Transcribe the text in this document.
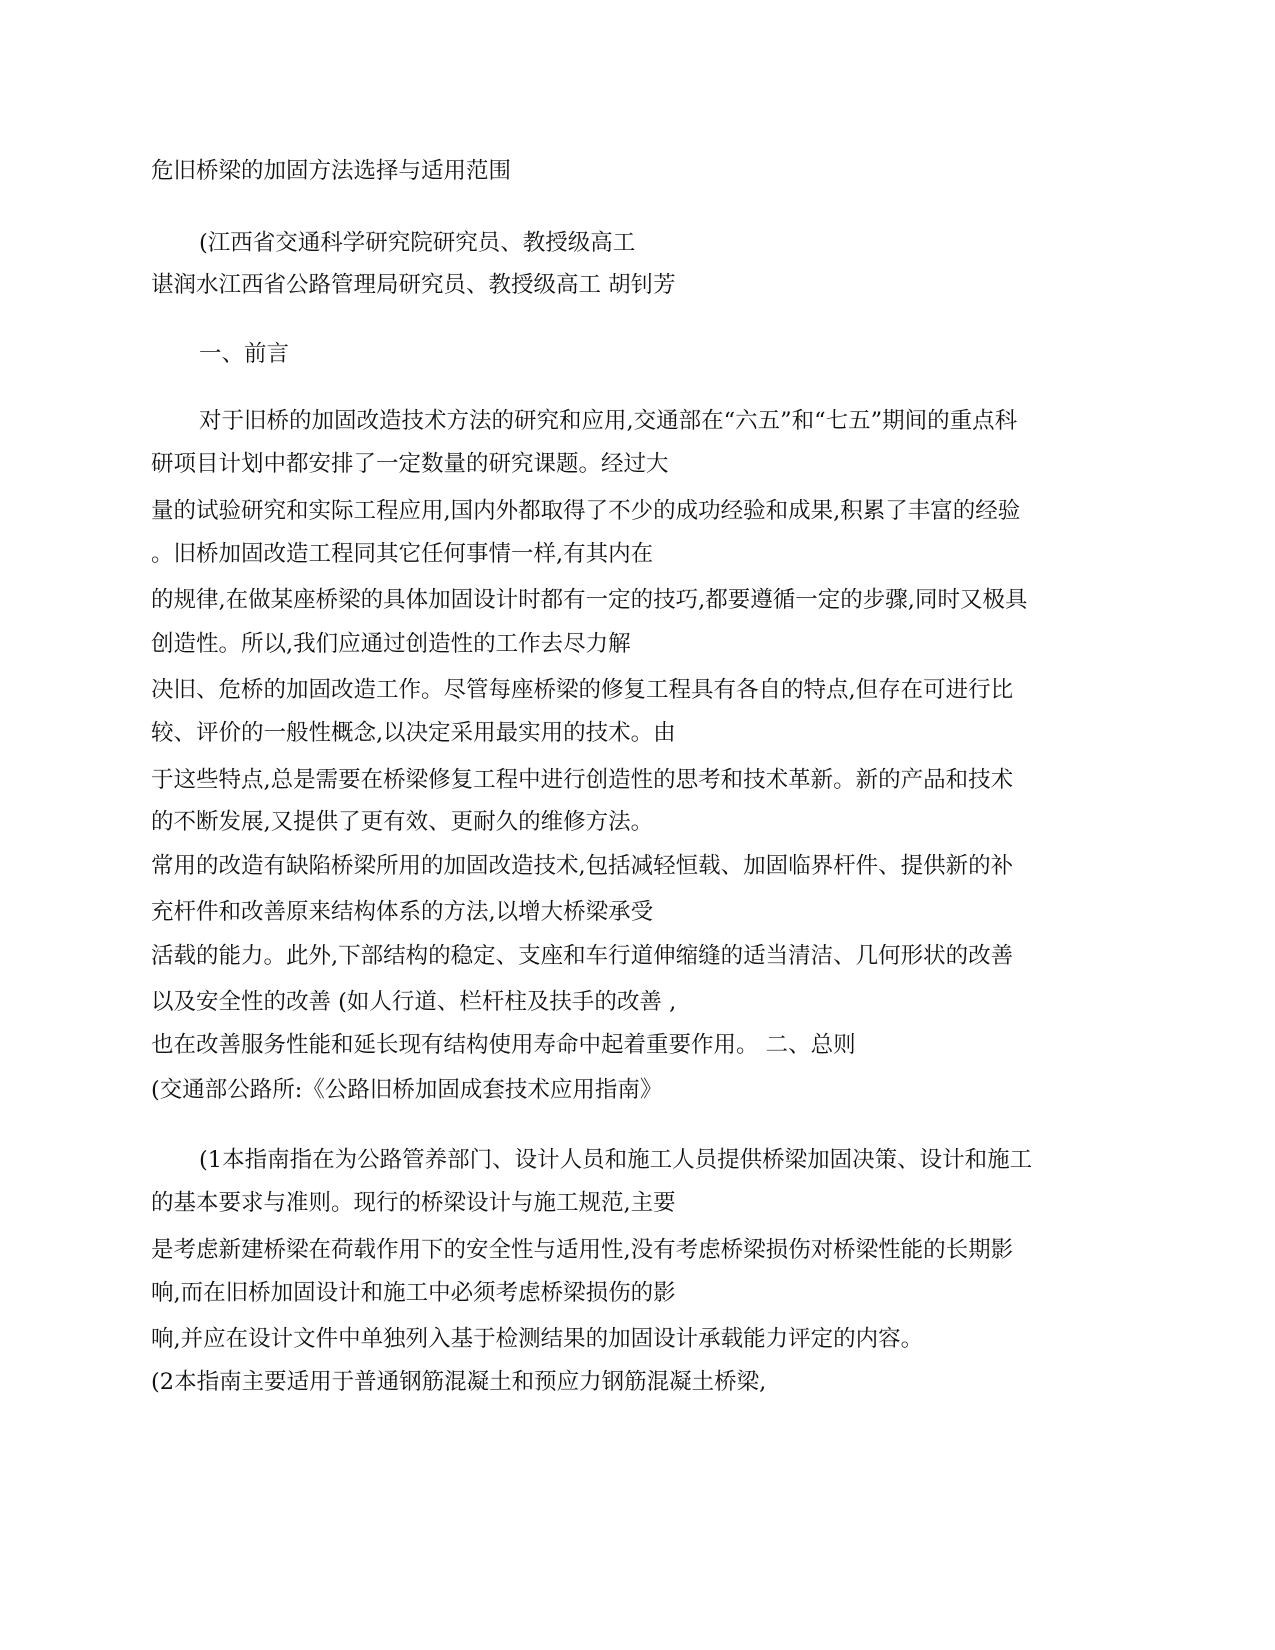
危旧桥梁的加固方法选择与适用范围
(江西省交通科学研究院研究员、教授级高工
谌润水江西省公路管理局研究员、教授级高工 胡钊芳
一、前言
对于旧桥的加固改造技术方法的研究和应用,交通部在“六五”和“七五”期间的重点科
研项目计划中都安排了一定数量的研究课题。经过大
量的试验研究和实际工程应用,国内外都取得了不少的成功经验和成果,积累了丰富的经验
。旧桥加固改造工程同其它任何事情一样,有其内在
的规律,在做某座桥梁的具体加固设计时都有一定的技巧,都要遵循一定的步骤,同时又极具
创造性。所以,我们应通过创造性的工作去尽力解
决旧、危桥的加固改造工作。尽管每座桥梁的修复工程具有各自的特点,但存在可进行比
较、评价的一般性概念,以决定采用最实用的技术。由
于这些特点,总是需要在桥梁修复工程中进行创造性的思考和技术革新。新的产品和技术
的不断发展,又提供了更有效、更耐久的维修方法。
常用的改造有缺陷桥梁所用的加固改造技术,包括减轻恒载、加固临界杆件、提供新的补
充杆件和改善原来结构体系的方法,以增大桥梁承受
活载的能力。此外,下部结构的稳定、支座和车行道伸缩缝的适当清洁、几何形状的改善
以及安全性的改善 (如人行道、栏杆柱及扶手的改善 ,
也在改善服务性能和延长现有结构使用寿命中起着重要作用。 二、总则
(交通部公路所:《公路旧桥加固成套技术应用指南》
(1本指南指在为公路管养部门、设计人员和施工人员提供桥梁加固决策、设计和施工
的基本要求与准则。现行的桥梁设计与施工规范,主要
是考虑新建桥梁在荷载作用下的安全性与适用性,没有考虑桥梁损伤对桥梁性能的长期影
响,而在旧桥加固设计和施工中必须考虑桥梁损伤的影
响,并应在设计文件中单独列入基于检测结果的加固设计承载能力评定的内容。
(2本指南主要适用于普通钢筋混凝土和预应力钢筋混凝土桥梁,
